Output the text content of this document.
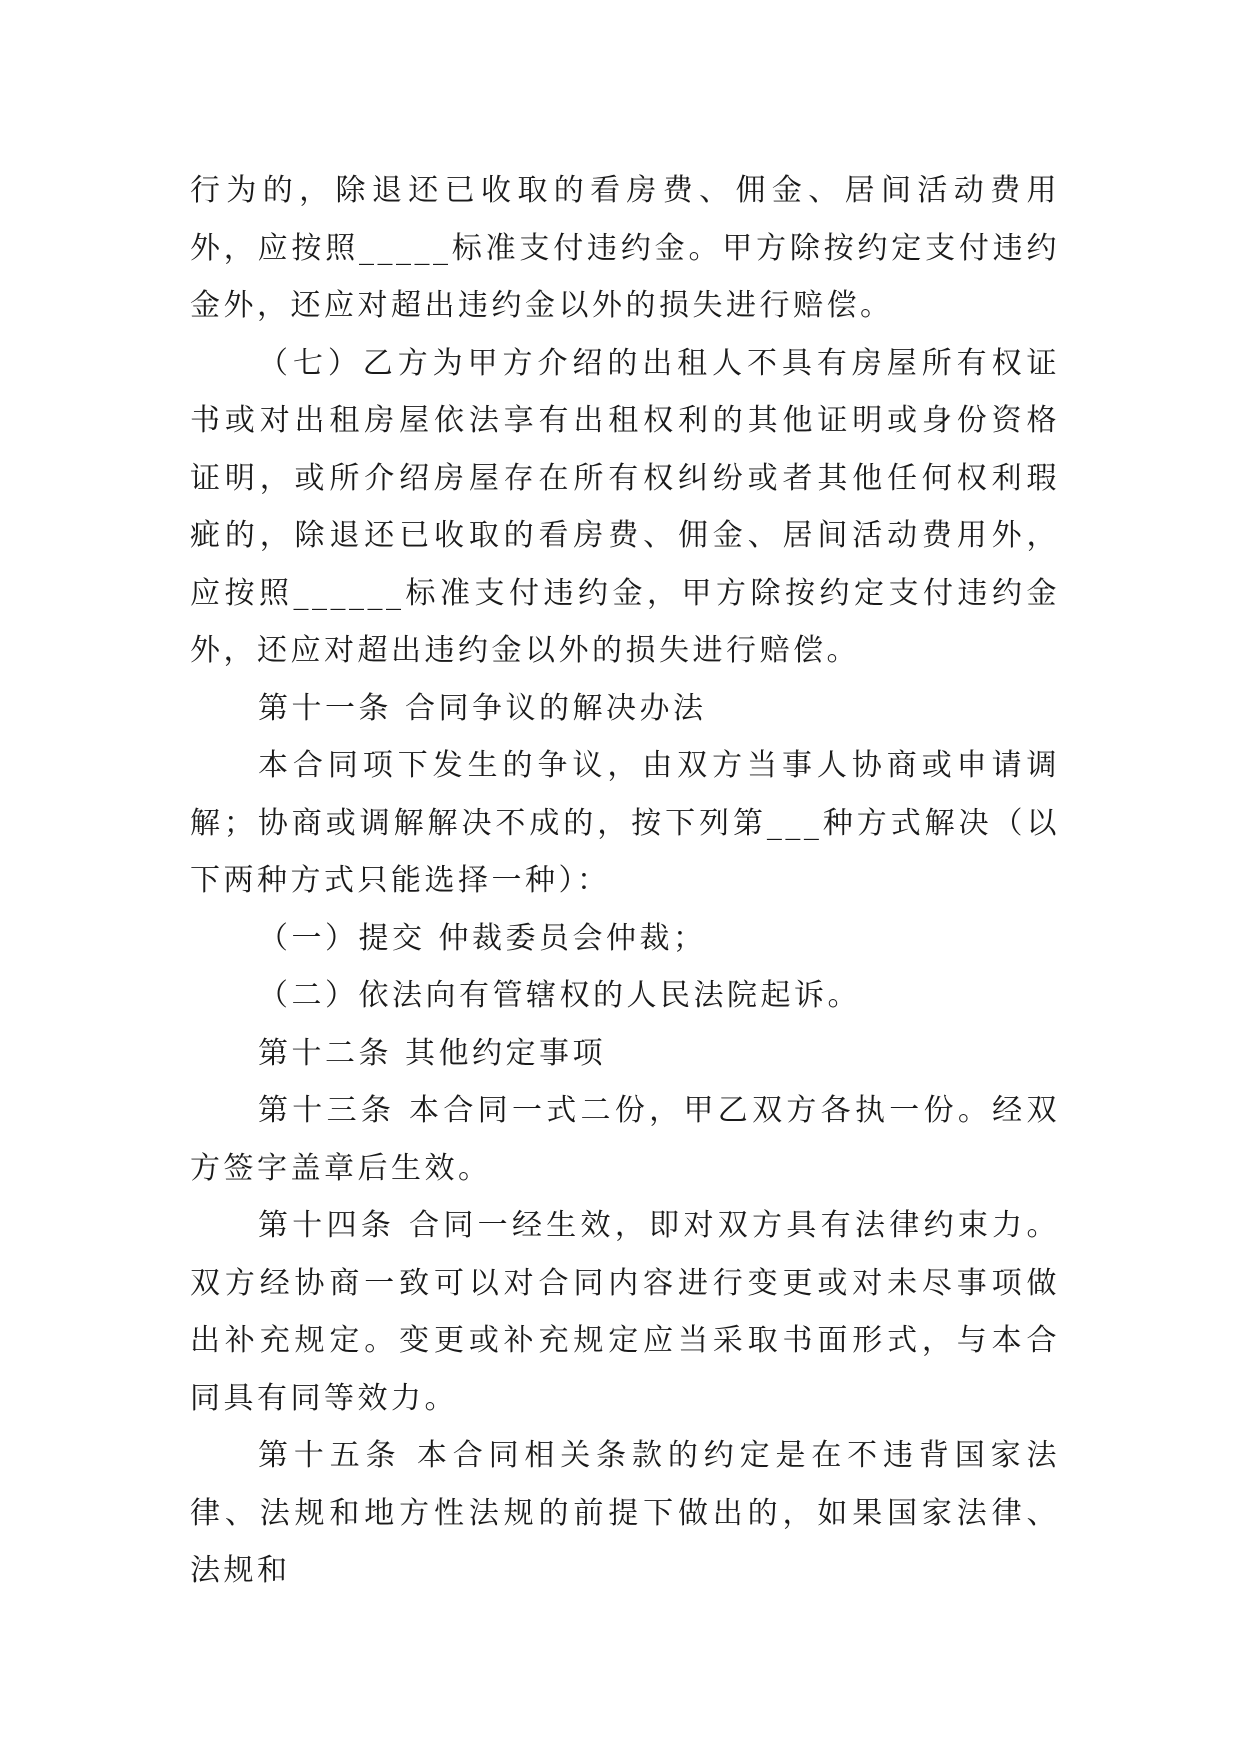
行为的，除退还已收取的看房费、佣金、居间活动费用外，应按照_____标准支付违约金。甲方除按约定支付违约金外，还应对超出违约金以外的损失进行赔偿。

（七）乙方为甲方介绍的出租人不具有房屋所有权证书或对出租房屋依法享有出租权利的其他证明或身份资格证明，或所介绍房屋存在所有权纠纷或者其他任何权利瑕疵的，除退还已收取的看房费、佣金、居间活动费用外，应按照______标准支付违约金，甲方除按约定支付违约金外，还应对超出违约金以外的损失进行赔偿。

第十一条 合同争议的解决办法

本合同项下发生的争议，由双方当事人协商或申请调解；协商或调解解决不成的，按下列第___种方式解决（以下两种方式只能选择一种）：

（一）提交 仲裁委员会仲裁；

（二）依法向有管辖权的人民法院起诉。

第十二条 其他约定事项

第十三条 本合同一式二份，甲乙双方各执一份。经双方签字盖章后生效。

第十四条 合同一经生效，即对双方具有法律约束力。双方经协商一致可以对合同内容进行变更或对未尽事项做出补充规定。变更或补充规定应当采取书面形式，与本合同具有同等效力。

第十五条 本合同相关条款的约定是在不违背国家法律、法规和地方性法规的前提下做出的，如果国家法律、法规和
